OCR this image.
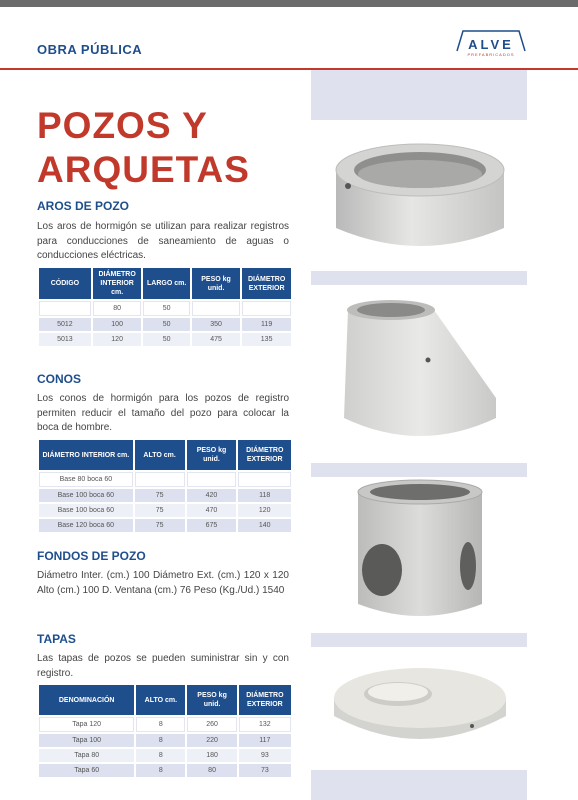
OBRA PÚBLICA	ALVE
PREFABRICADOS
POZOS Y
ARQUETAS
AROS DE POZO
Los aros de hormigón se utilizan para realizar registros para conducciones de saneamiento de aguas o conducciones eléctricas.
CÓDIGO	DIÁMETRO INTERIOR cm.	LARGO cm.	PESO kg unid.	DIÁMETRO EXTERIOR
	80	50		
5012	100	50	350	119
5013	120	50	475	135
CONOS
Los conos de hormigón para los pozos de registro permiten reducir el tamaño del pozo para colocar la boca de hombre.
DIÁMETRO INTERIOR cm.	ALTO cm.	PESO kg unid.	DIÁMETRO EXTERIOR
Base 80 boca 60			
Base 100 boca 60	75	420	118
Base 100 boca 60	75	470	120
Base 120 boca 60	75	675	140
FONDOS DE POZO
Diámetro Inter. (cm.) 100 Diámetro Ext. (cm.) 120 x 120 Alto (cm.) 100 D. Ventana (cm.) 76 Peso (Kg./Ud.) 1540
TAPAS
Las tapas de pozos se pueden suministrar sin y con registro.
DENOMINACIÓN	ALTO cm.	PESO kg unid.	DIÁMETRO EXTERIOR
Tapa 120	8	260	132
Tapa 100	8	220	117
Tapa 80	8	180	93
Tapa 60	8	80	73
